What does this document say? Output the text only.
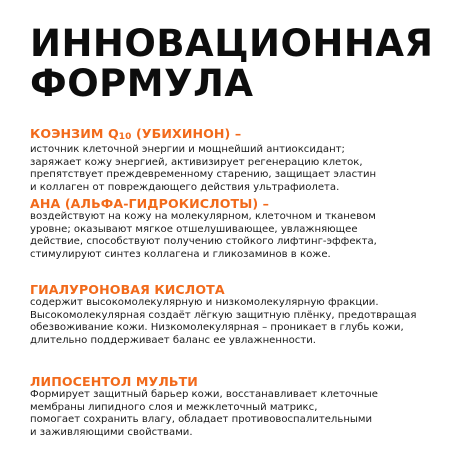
ИННОВАЦИОННАЯ
ФОРМУЛА
КОЭНЗИМ $Q_{10}$ (УБИХИНОН) –
источник клеточной энергии и мощнейший антиоксидант;
заряжает кожу энергией, активизирует регенерацию клеток,
препятствует преждевременному старению, защищает эластин
и коллаген от повреждающего действия ультрафиолета.
AHA (АЛЬФА-ГИДРОКИСЛОТЫ) –
воздействуют на кожу на молекулярном, клеточном и тканевом
уровне; оказывают мягкое отшелушивающее, увлажняющее
действие, способствуют получению стойкого лифтинг-эффекта,
стимулируют синтез коллагена и гликозаминов в коже.
ГИАЛУРОНОВАЯ КИСЛОТА
содержит высокомолекулярную и низкомолекулярную фракции.
Высокомолекулярная создаёт лёгкую защитную плёнку, предотвращая
обезвоживание кожи. Низкомолекулярная – проникает в глубь кожи,
длительно поддерживает баланс ее увлажненности.
ЛИПОСЕНТОЛ МУЛЬТИ
Формирует защитный барьер кожи, восстанавливает клеточные
мембраны липидного слоя и межклеточный матрикс,
помогает сохранить влагу, обладает противовоспалительными
и заживляющими свойствами.
